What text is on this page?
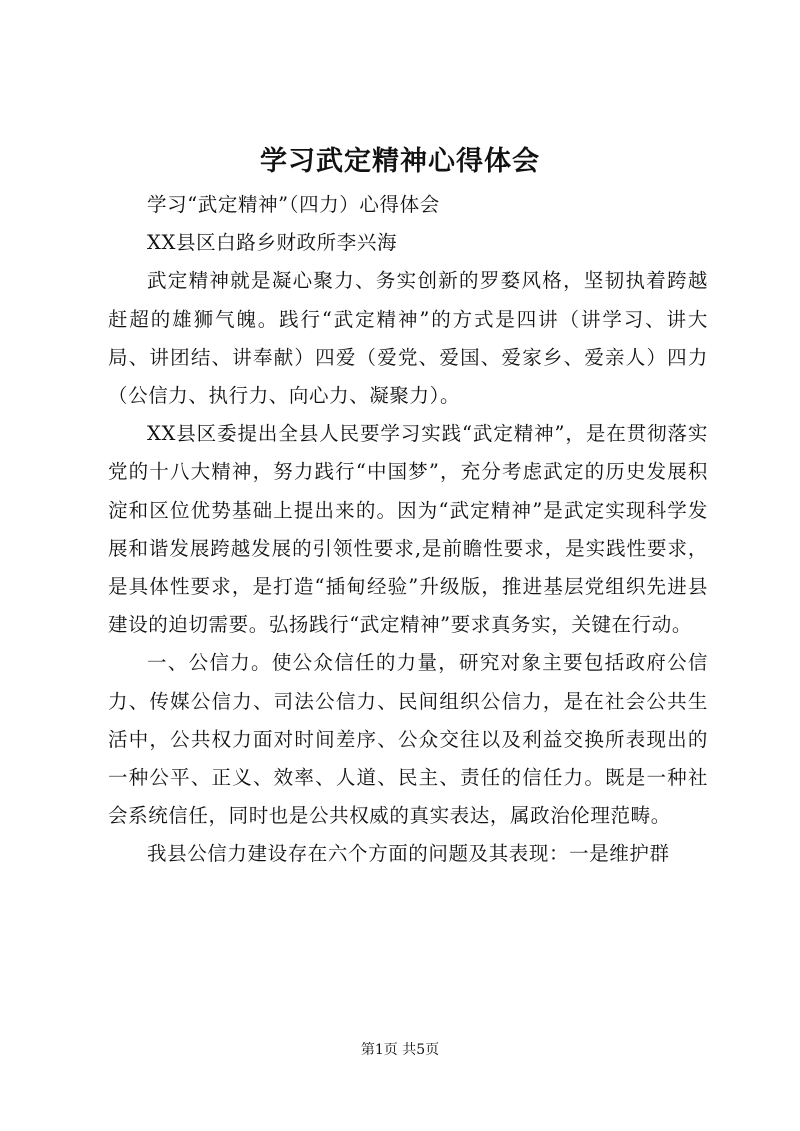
学习武定精神心得体会

学习“武定精神”（四力）心得体会

XX县区白路乡财政所李兴海

武定精神就是凝心聚力、务实创新的罗婺风格，坚韧执着跨越赶超的雄狮气魄。践行“武定精神”的方式是四讲（讲学习、讲大局、讲团结、讲奉献）四爱（爱党、爱国、爱家乡、爱亲人）四力（公信力、执行力、向心力、凝聚力）。

XX县区委提出全县人民要学习实践“武定精神”，是在贯彻落实党的十八大精神，努力践行“中国梦”，充分考虑武定的历史发展积淀和区位优势基础上提出来的。因为“武定精神”是武定实现科学发展和谐发展跨越发展的引领性要求,是前瞻性要求，是实践性要求，是具体性要求，是打造“插甸经验”升级版，推进基层党组织先进县建设的迫切需要。弘扬践行“武定精神”要求真务实，关键在行动。

一、公信力。使公众信任的力量，研究对象主要包括政府公信力、传媒公信力、司法公信力、民间组织公信力，是在社会公共生活中，公共权力面对时间差序、公众交往以及利益交换所表现出的一种公平、正义、效率、人道、民主、责任的信任力。既是一种社会系统信任，同时也是公共权威的真实表达，属政治伦理范畴。

我县公信力建设存在六个方面的问题及其表现：一是维护群

第1页 共5页
